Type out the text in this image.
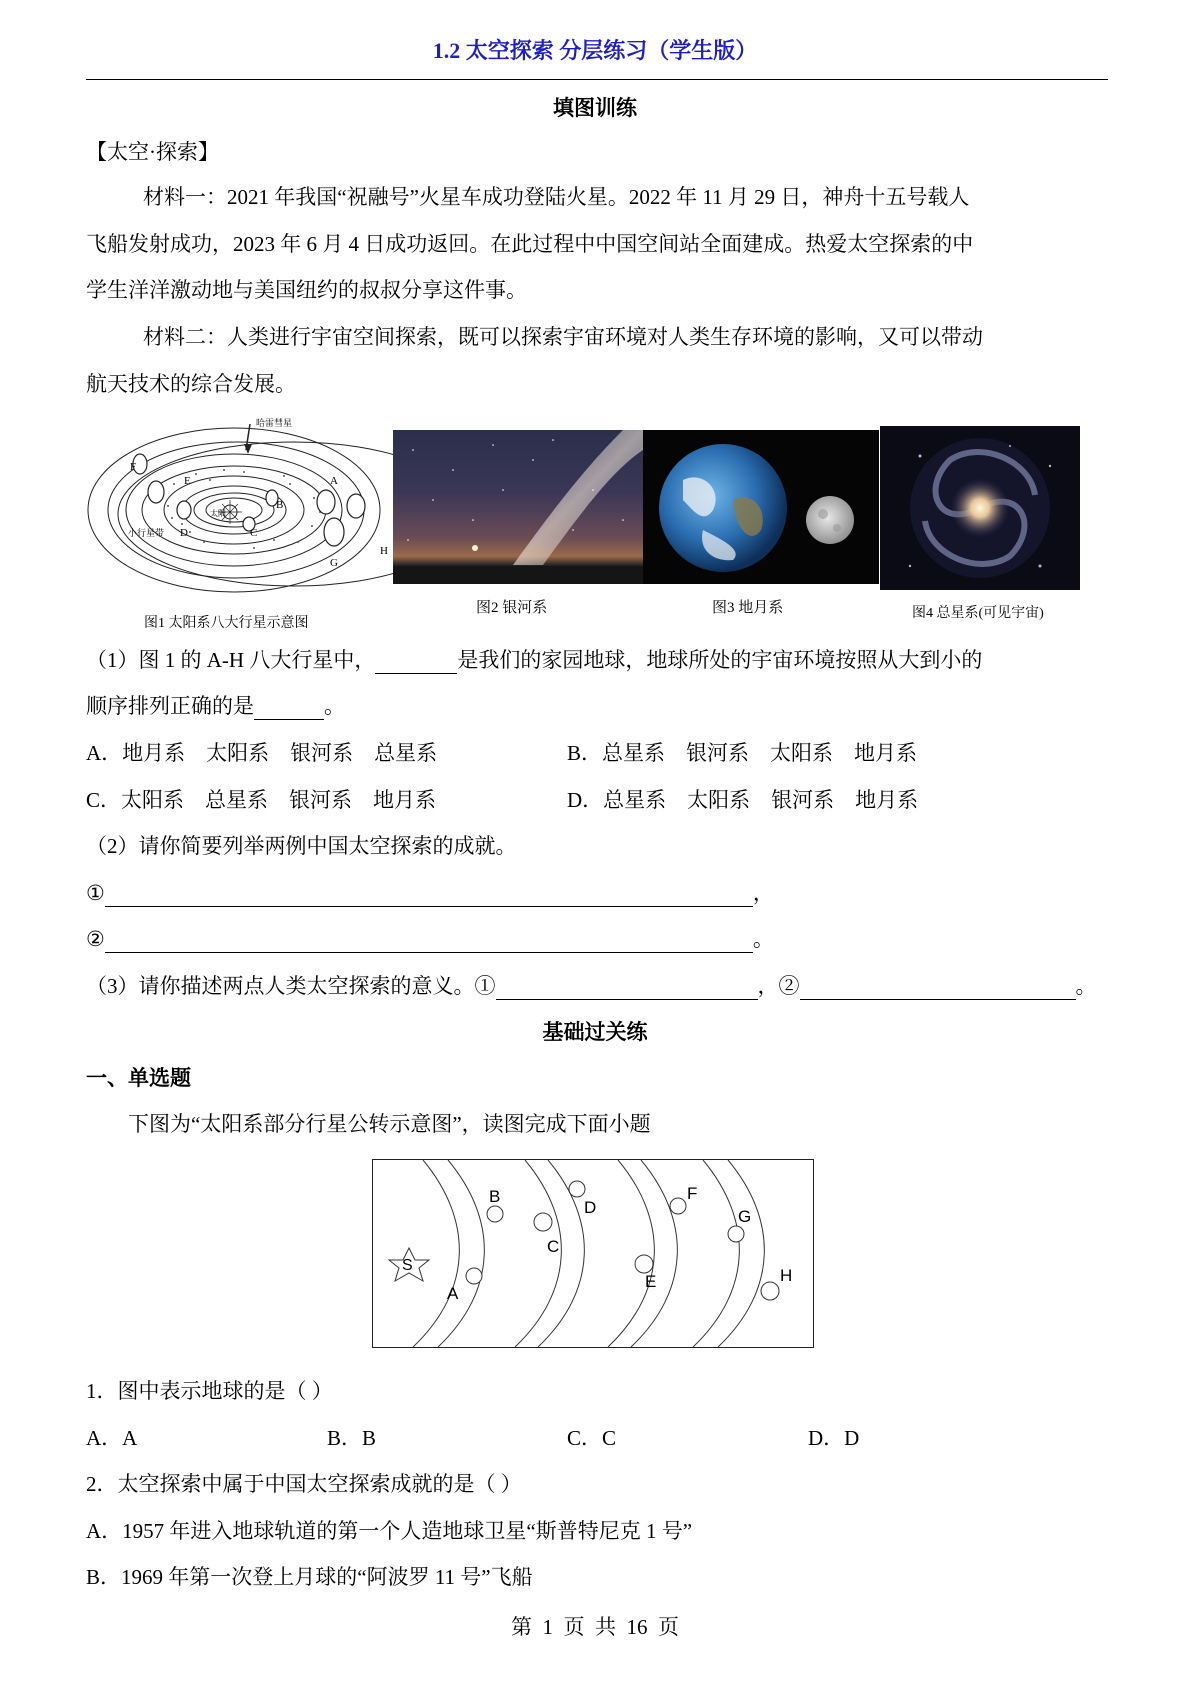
1.2 太空探索 分层练习（学生版）
填图训练
【太空·探索】
材料一：2021 年我国“祝融号”火星车成功登陆火星。2022 年 11 月 29 日，神舟十五号载人
飞船发射成功，2023 年 6 月 4 日成功返回。在此过程中中国空间站全面建成。热爱太空探索的中
学生洋洋激动地与美国纽约的叔叔分享这件事。
材料二：人类进行宇宙空间探索，既可以探索宇宙环境对人类生存环境的影响，又可以带动
航天技术的综合发展。
哈雷彗星
太阳
小行星带
A
B
C
D
E
F
G
H
图1 太阳系八大行星示意图
图2 银河系	图3 地月系	图4 总星系(可见宇宙)
（1）图 1 的 A-H 八大行星中，	是我们的家园地球，地球所处的宇宙环境按照从大到小的
顺序排列正确的是	。
A．地月系    太阳系    银河系    总星系	B．总星系    银河系    太阳系    地月系
C．太阳系    总星系    银河系    地月系	D．总星系    太阳系    银河系    地月系
（2）请你简要列举两例中国太空探索的成就。
①	，
②	。
（3）请你描述两点人类太空探索的意义。①	，②	。
基础过关练
一、单选题
下图为“太阳系部分行星公转示意图”，读图完成下面小题
S
A
B
C
D
E
F
G
H
1．图中表示地球的是（ ）
A．A	B．B	C．C	D．D
2．太空探索中属于中国太空探索成就的是（ ）
A．1957 年进入地球轨道的第一个人造地球卫星“斯普特尼克 1 号”
B．1969 年第一次登上月球的“阿波罗 11 号”飞船
第  1  页  共  16  页
